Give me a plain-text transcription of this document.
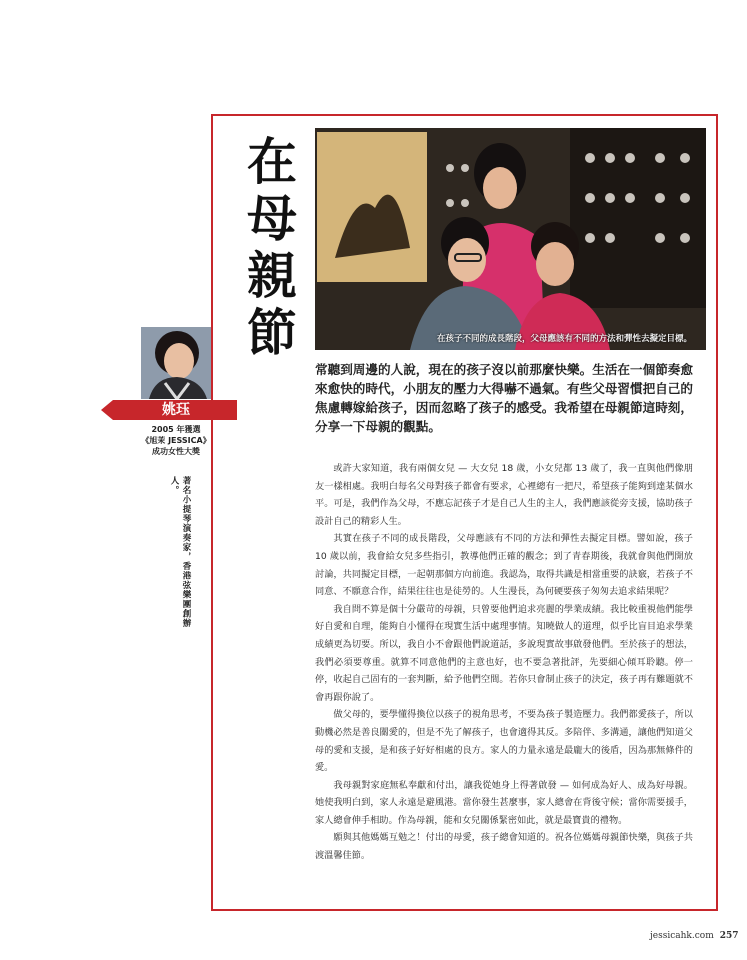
在
母
親
節	在孩子不同的成長階段，父母應該有不同的方法和彈性去擬定目標。
姚珏
2005 年獲選
《旭茉 JESSICA》
成功女性大獎
著名小提琴演奏家，香港弦樂團創辦人。
常聽到周邊的人說，現在的孩子沒以前那麼快樂。生活在一個節奏愈來愈快的時代，小朋友的壓力大得嚇不過氣。有些父母習慣把自己的焦慮轉嫁給孩子，因而忽略了孩子的感受。我希望在母親節這時刻，分享一下母親的觀點。

或許大家知道，我有兩個女兒 — 大女兒 18 歲，小女兒都 13 歲了，我一直與他們像朋友一樣相處。我明白每名父母對孩子都會有要求，心裡總有一把尺，希望孩子能夠到達某個水平。可是，我們作為父母，不應忘記孩子才是自己人生的主人，我們應該從旁支援，協助孩子設計自己的精彩人生。

其實在孩子不同的成長階段，父母應該有不同的方法和彈性去擬定目標。譬如說，孩子 10 歲以前，我會給女兒多些指引，教導他們正確的觀念；到了青春期後，我就會與他們開放討論，共同擬定目標，一起朝那個方向前進。我認為，取得共識是相當重要的訣竅，若孩子不同意、不願意合作，結果往往也是徒勞的。人生漫長，為何硬要孩子匆匆去追求結果呢？

我自問不算是個十分嚴苛的母親，只曾要他們追求亮麗的學業成績。我比較重視他們能學好自愛和自理，能夠自小懂得在現實生活中處理事情。知曉做人的道理，似乎比盲目追求學業成績更為切要。所以，我自小不會跟他們說道話，多說現實故事啟發他們。至於孩子的想法，我們必須要尊重。就算不同意他們的主意也好，也不要急著批評，先要細心傾耳聆聽。停一停，收起自己固有的一套判斷，給予他們空間。若你只會制止孩子的決定，孩子再有難題就不會再跟你說了。

做父母的，要學懂得換位以孩子的視角思考，不要為孩子製造壓力。我們都愛孩子，所以動機必然是善良關愛的，但是不先了解孩子，也會適得其反。多陪伴、多溝通，讓他們知道父母的愛和支援，是和孩子好好相處的良方。家人的力量永遠是最龐大的後盾，因為那無條件的愛。

我母親對家庭無私奉獻和付出，讓我從她身上得著啟發 — 如何成為好人、成為好母親。她使我明白到，家人永遠是避風港。當你發生甚麼事，家人總會在背後守候；當你需要援手，家人總會伸手相助。作為母親，能和女兒關係緊密如此，就是最寶貴的禮物。

願與其他媽媽互勉之！付出的母愛，孩子總會知道的。祝各位媽媽母親節快樂，與孩子共渡溫馨佳節。

jessicahk.com 257
